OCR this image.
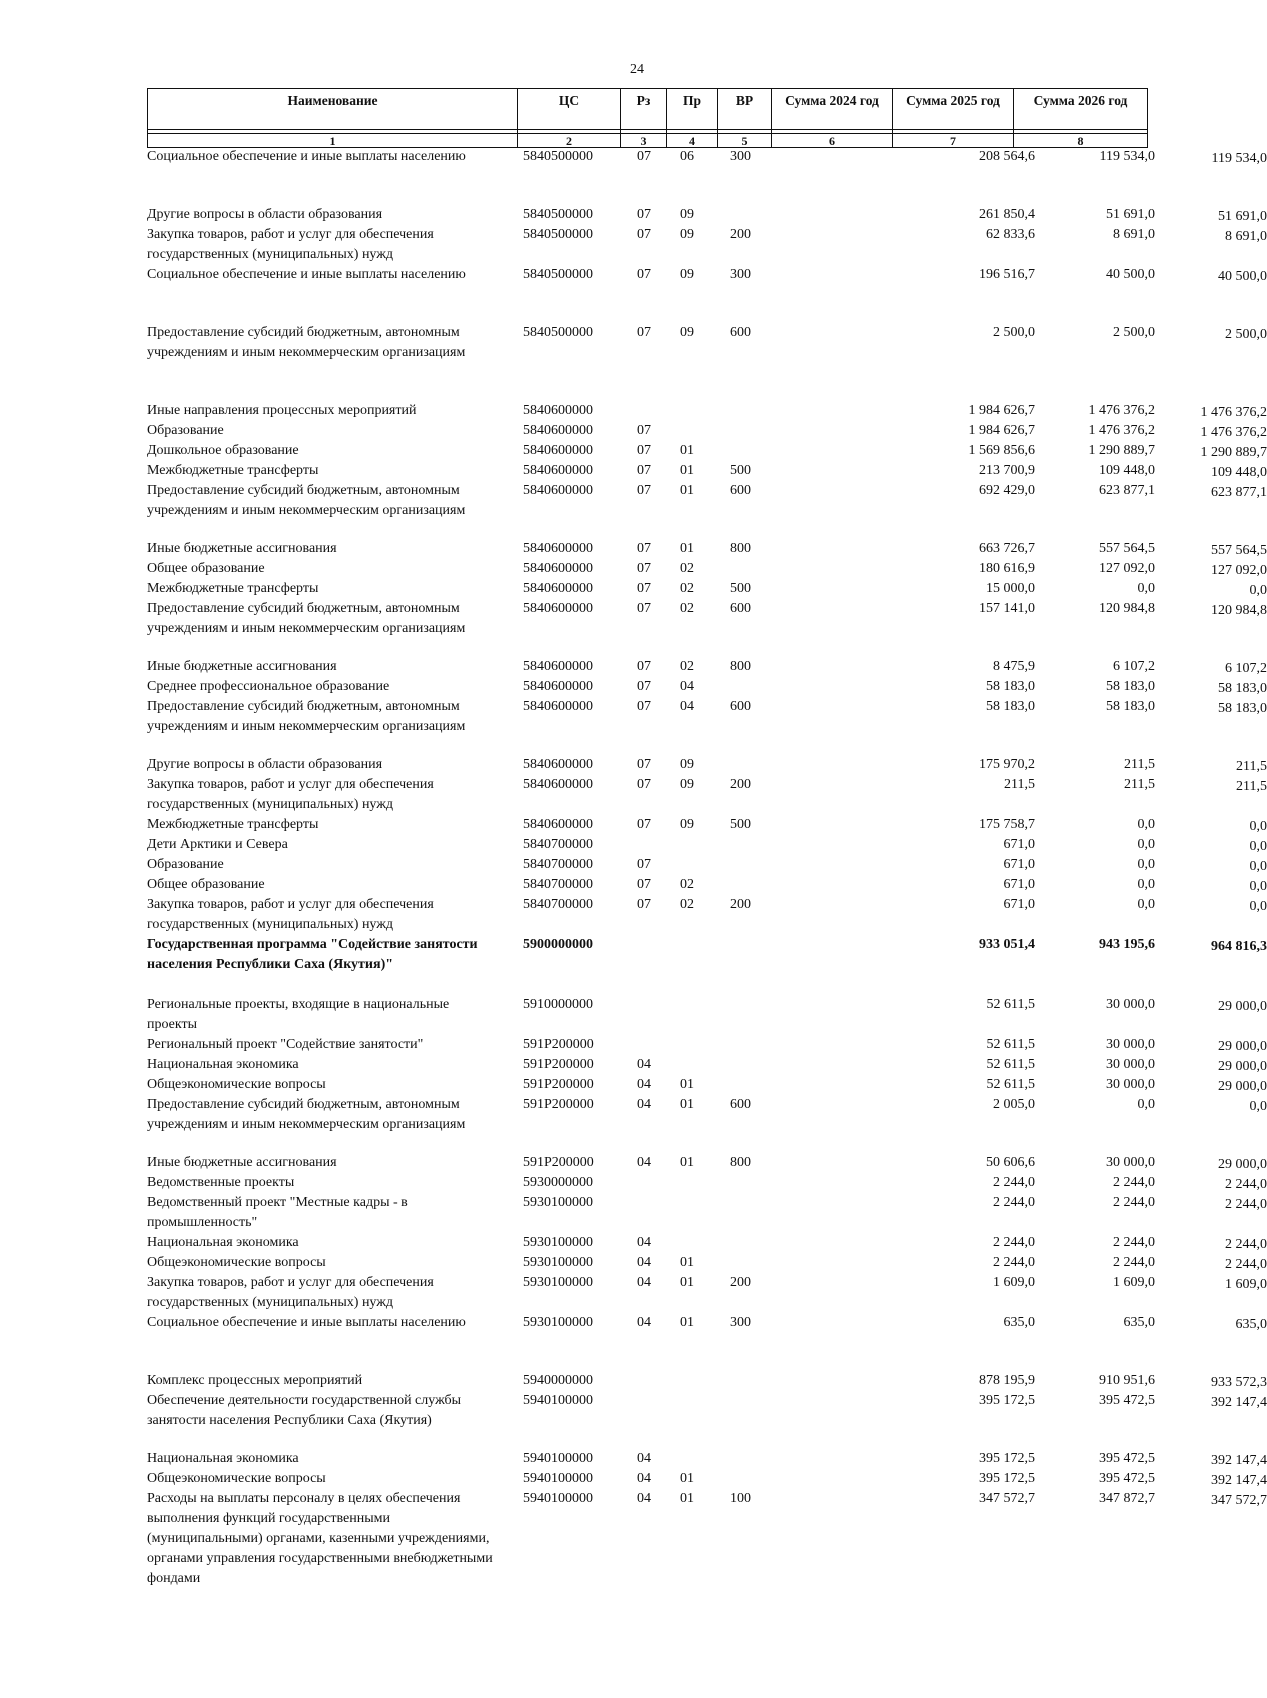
24
Наименование	ЦС	Рз	Пр	ВР	Сумма 2024 год	Сумма 2025 год	Сумма 2026 год

1	2	3	4	5	6	7	8
Социальное обеспечение и иные выплаты населению	5840500000	07 06	300	208 564,6	119 534,0	119 534,0
Другие вопросы в области образования	5840500000	07 09	261 850,4	51 691,0	51 691,0
Закупка товаров, работ и услуг для обеспечения государственных (муниципальных) нужд
5840500000	07 09	200	62 833,6	8 691,0	8 691,0
Социальное обеспечение и иные выплаты населению	5840500000	07 09	300	196 516,7	40 500,0	40 500,0
Предоставление субсидий бюджетным, автономным учреждениям и иным некоммерческим организациям
5840500000	07 09	600	2 500,0	2 500,0	2 500,0
Иные направления процессных мероприятий	5840600000	1 984 626,7	1 476 376,2	1 476 376,2
Образование	5840600000	07	1 984 626,7	1 476 376,2	1 476 376,2
Дошкольное образование	5840600000	07 01	1 569 856,6	1 290 889,7	1 290 889,7
Межбюджетные трансферты	5840600000	07 01	500	213 700,9	109 448,0	109 448,0
Предоставление субсидий бюджетным, автономным учреждениям и иным некоммерческим организациям
5840600000	07 01	600	692 429,0	623 877,1	623 877,1
Иные бюджетные ассигнования	5840600000	07 01	800	663 726,7	557 564,5	557 564,5
Общее образование	5840600000	07 02	180 616,9	127 092,0	127 092,0
Межбюджетные трансферты	5840600000	07 02	500	15 000,0	0,0	0,0
Предоставление субсидий бюджетным, автономным учреждениям и иным некоммерческим организациям
5840600000	07 02	600	157 141,0	120 984,8	120 984,8
Иные бюджетные ассигнования	5840600000	07 02	800	8 475,9	6 107,2	6 107,2
Среднее профессиональное образование	5840600000	07 04	58 183,0	58 183,0	58 183,0
Предоставление субсидий бюджетным, автономным учреждениям и иным некоммерческим организациям
5840600000	07 04	600	58 183,0	58 183,0	58 183,0
Другие вопросы в области образования	5840600000	07 09	175 970,2	211,5	211,5
Закупка товаров, работ и услуг для обеспечения государственных (муниципальных) нужд
5840600000	07 09	200	211,5	211,5	211,5
Межбюджетные трансферты	5840600000	07 09	500	175 758,7	0,0	0,0
Дети Арктики и Севера	5840700000	671,0	0,0	0,0
Образование	5840700000	07	671,0	0,0	0,0
Общее образование	5840700000	07 02	671,0	0,0	0,0
Закупка товаров, работ и услуг для обеспечения государственных (муниципальных) нужд
5840700000	07 02	200	671,0	0,0	0,0
Государственная программа "Содействие занятости населения Республики Саха (Якутия)"
5900000000	933 051,4	943 195,6	964 816,3
Региональные проекты, входящие в национальные проекты
5910000000	52 611,5	30 000,0	29 000,0
Региональный проект "Содействие занятости"	591P200000	52 611,5	30 000,0	29 000,0
Национальная экономика	591P200000	04	52 611,5	30 000,0	29 000,0
Общеэкономические вопросы	591P200000	04 01	52 611,5	30 000,0	29 000,0
Предоставление субсидий бюджетным, автономным учреждениям и иным некоммерческим организациям
591P200000	04 01	600	2 005,0	0,0	0,0
Иные бюджетные ассигнования	591P200000	04 01	800	50 606,6	30 000,0	29 000,0
Ведомственные проекты	5930000000	2 244,0	2 244,0	2 244,0
Ведомственный проект "Местные кадры - в промышленность"
5930100000	2 244,0	2 244,0	2 244,0
Национальная экономика	5930100000	04	2 244,0	2 244,0	2 244,0
Общеэкономические вопросы	5930100000	04 01	2 244,0	2 244,0	2 244,0
Закупка товаров, работ и услуг для обеспечения государственных (муниципальных) нужд
5930100000	04 01	200	1 609,0	1 609,0	1 609,0
Социальное обеспечение и иные выплаты населению	5930100000	04 01	300	635,0	635,0	635,0
Комплекс процессных мероприятий	5940000000	878 195,9	910 951,6	933 572,3
Обеспечение деятельности государственной службы занятости населения Республики Саха (Якутия)
5940100000	395 172,5	395 472,5	392 147,4
Национальная экономика	5940100000	04	395 172,5	395 472,5	392 147,4
Общеэкономические вопросы	5940100000	04 01	395 172,5	395 472,5	392 147,4
Расходы на выплаты персоналу в целях обеспечения выполнения функций государственными (муниципальными) органами, казенными учреждениями, органами управления государственными внебюджетными фондами
5940100000	04 01	100	347 572,7	347 872,7	347 572,7
